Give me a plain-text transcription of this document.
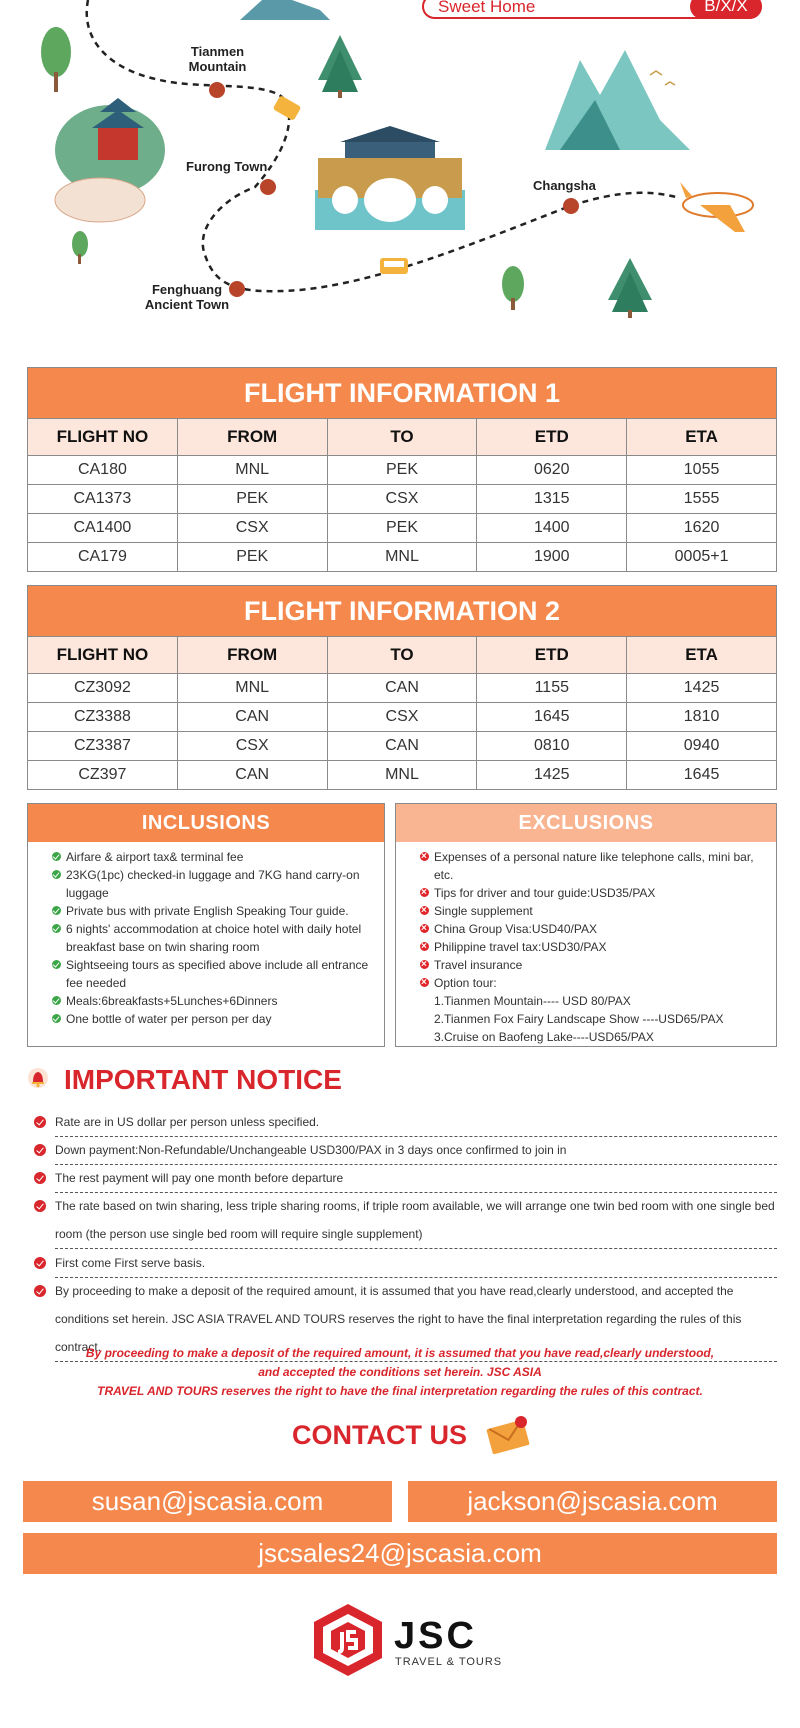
Sweet Home	B/X/X
Tianmen
Mountain
Furong Town
Changsha
Fenghuang
Ancient Town
FLIGHT INFORMATION 1
FLIGHT NO	FROM	TO	ETD	ETA
CA180	MNL	PEK	0620	1055
CA1373	PEK	CSX	1315	1555
CA1400	CSX	PEK	1400	1620
CA179	PEK	MNL	1900	0005+1
FLIGHT INFORMATION 2
FLIGHT NO	FROM	TO	ETD	ETA
CZ3092	MNL	CAN	1155	1425
CZ3388	CAN	CSX	1645	1810
CZ3387	CSX	CAN	0810	0940
CZ397	CAN	MNL	1425	1645
INCLUSIONS
Airfare & airport tax& terminal fee
23KG(1pc) checked-in luggage and 7KG hand carry-on luggage
Private bus with private English Speaking Tour guide.
6 nights' accommodation at choice hotel with daily hotel breakfast base on twin sharing room
Sightseeing tours as specified above include all entrance fee needed
Meals:6breakfasts+5Lunches+6Dinners
One bottle of water per person per day
EXCLUSIONS
×
Expenses of a personal nature like telephone calls, mini bar, etc.
×
Tips for driver and tour guide:USD35/PAX
×
Single supplement
×
China Group Visa:USD40/PAX
×
Philippine travel tax:USD30/PAX
×
Travel insurance
×
Option tour:
1.Tianmen Mountain---- USD 80/PAX
2.Tianmen Fox Fairy Landscape Show ----USD65/PAX
3.Cruise on Baofeng Lake----USD65/PAX
IMPORTANT NOTICE
Rate are in US dollar per person unless specified.
Down payment:Non-Refundable/Unchangeable USD300/PAX in 3 days once confirmed to join in
The rest payment will pay one month before departure
The rate based on twin sharing, less triple sharing rooms, if triple room available, we will arrange one twin bed room with one single bed room (the person use single bed room will require single supplement)
First come First serve basis.
By proceeding to make a deposit of the required amount, it is assumed that you have read,clearly understood, and accepted the conditions set herein. JSC ASIA TRAVEL AND TOURS reserves the right to have the final interpretation regarding the rules of this contract.
By proceeding to make a deposit of the required amount, it is assumed that you have read,clearly understood,
and accepted the conditions set herein. JSC ASIA
TRAVEL AND TOURS reserves the right to have the final interpretation regarding the rules of this contract.
CONTACT US
susan@jscasia.com	jackson@jscasia.com
jscsales24@jscasia.com
JSC
TRAVEL & TOURS
